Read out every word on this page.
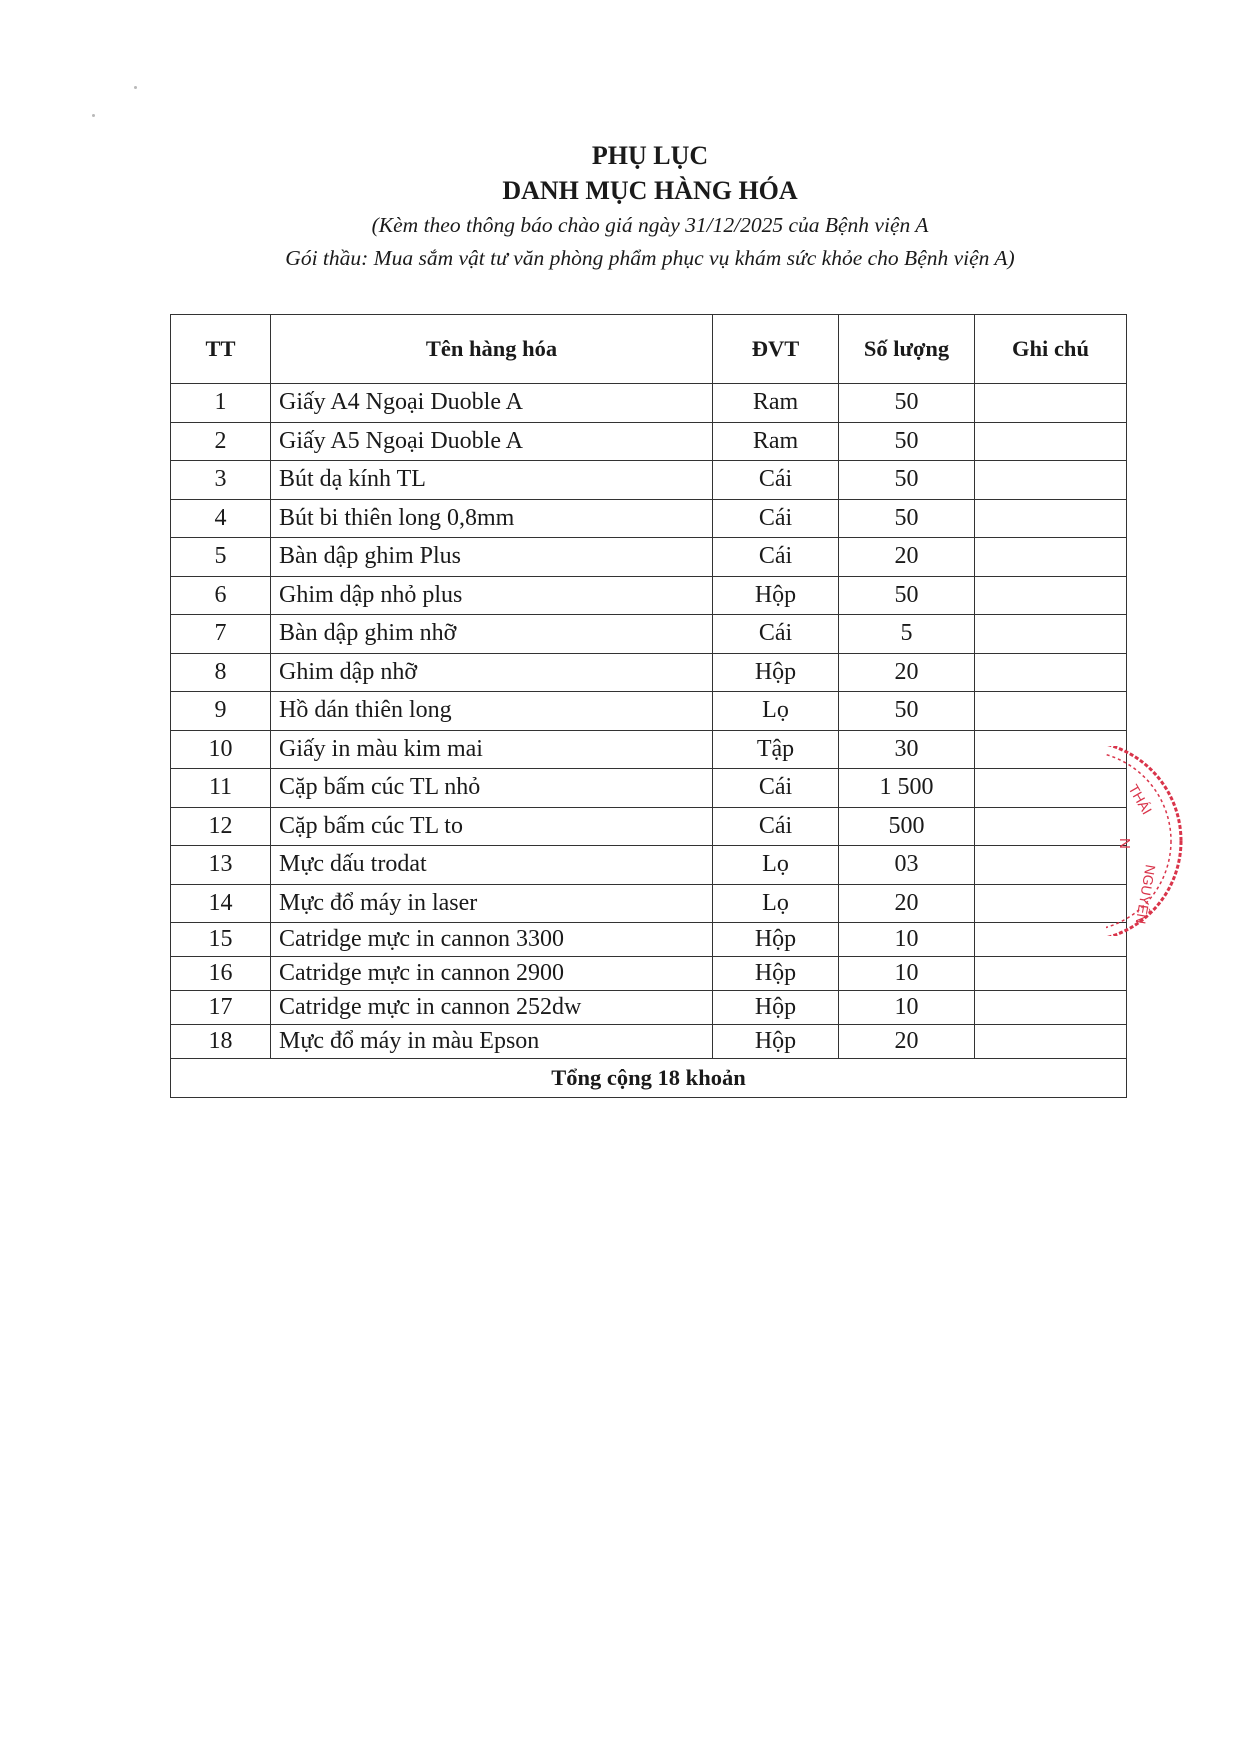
PHỤ LỤC
DANH MỤC HÀNG HÓA
(Kèm theo thông báo chào giá ngày 31/12/2025 của Bệnh viện A
Gói thầu: Mua sắm vật tư văn phòng phẩm phục vụ khám sức khỏe cho Bệnh viện A)
TT	Tên hàng hóa	ĐVT	Số lượng	Ghi chú
1	Giấy A4 Ngoại Duoble A	Ram	50	
2	Giấy A5 Ngoại Duoble A	Ram	50	
3	Bút dạ kính TL	Cái	50	
4	Bút bi thiên long 0,8mm	Cái	50	
5	Bàn dập ghim Plus	Cái	20	
6	Ghim dập nhỏ plus	Hộp	50	
7	Bàn dập ghim nhỡ	Cái	5	
8	Ghim dập nhỡ	Hộp	20	
9	Hồ dán thiên long	Lọ	50	
10	Giấy in màu kim mai	Tập	30	
11	Cặp bấm cúc TL nhỏ	Cái	1 500	
12	Cặp bấm cúc TL to	Cái	500	
13	Mực dấu trodat	Lọ	03	
14	Mực đổ máy in laser	Lọ	20	
15	Catridge mực in cannon 3300	Hộp	10	
16	Catridge mực in cannon 2900	Hộp	10	
17	Catridge mực in cannon 252dw	Hộp	10	
18	Mực đổ máy in màu Epson	Hộp	20	
Tổng cộng 18 khoản				
THÁI
N
NGUYÊN
